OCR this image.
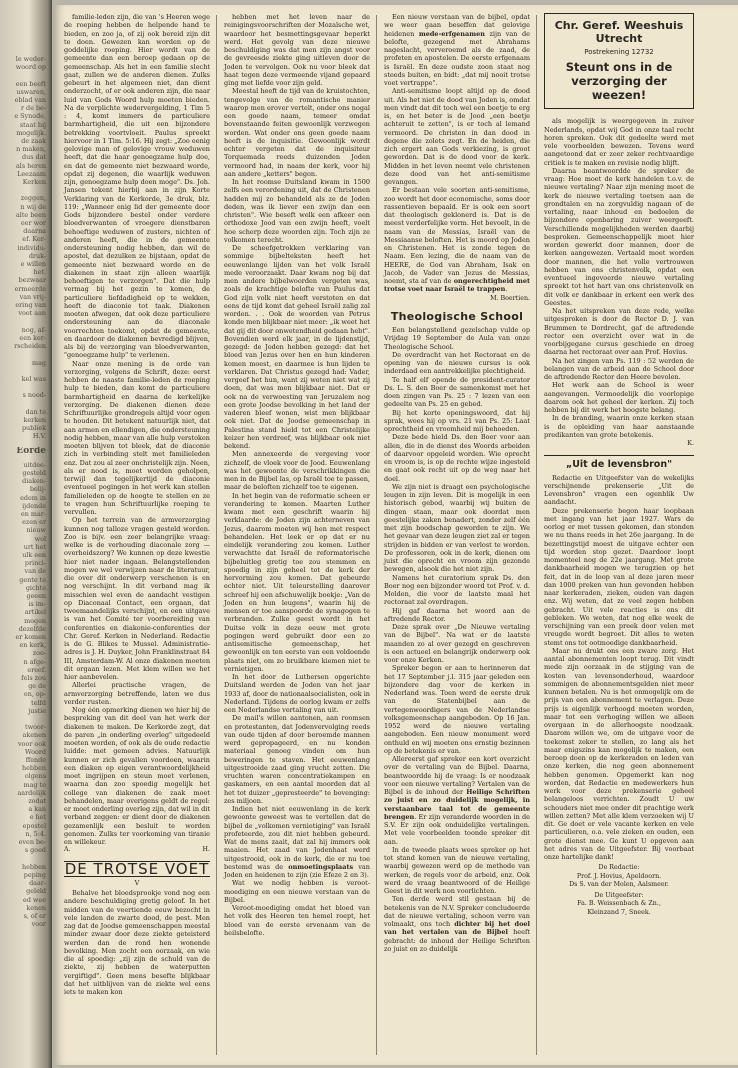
le weder-
woord op

een beeft
uswaren,
eblad van
r de be-
e Synode,
staat bij
mogelijk.
de zaak
n maken,
dus dat
als heren
Leezaam
Kerken

zeggen,
n wij de
alte been
eer wor
daarna
ef. Ker-
individu-
druk-
e willen
het.
bezwaar
ermeerde
van vrij-
ering van
voet aan

nog, af-
een ker-
rscheiden

mag

kel was

s nood-

dan te
kerken
publiek
H.V.
Eorde
uitdee-
gesteld
diaken-
belij-
edem in
ijdende
en mar-
ezen er
nieuw
wol
urt het
ulk een
princi-
van de
gente te
gichte
geeen
is im-
artikel
mogen
dezelfde
er komen
en kerk,
zoo-
n afge-
ereef.
fels zou
ge de
en, op-
telfd
justie

twoor-
akenen
voor ook
Woord
ffende
hebben
olgens
mag te
aardelijk
zodat
a kan
e het
epostel
n, 5:4.
even be-
s goed

hebben
peping
daar-
geleld
ed wee
kenen
s, of er
voor

familie-leden zijn, die van 's Heeren wege de roeping hebben de helpende hand te bieden, en zoo ja, of zij ook bereid zijn dit te doen. Gewezen kan worden op de goddelijke roeping. Hier wordt van de gemeente dan een beroep gedaan op de gemeenschap. Als het in een familie slecht gaat, zullen we de anderen dienen. Zulks gebeurt in het algemeen niet, dan dient onderzocht, of er ook anderen zijn, die naar luid van Gods Woord hulp moeten bieden. Na de verplichte wedervergelding, 1 Tim 5 : 4, komt immers de particuliere barmhartigheid, die uit een bijzondere betrekking voortvloeit. Paulus spreekt hiervoor in 1 Tim. 5:16. Hij zegt: „Zoo eenig gelovige man of gelovige vrouw weduwen heeft, dat die haar genoegzame hulp doe, en dat de gemeente niet bezwaard worde, opdat zij degenen, die waarlijk weduwen zijn, genoegzame hulp doen moge". Ds. Joh. Jansen tekent hierbij aan in zijn Korte Verklaring van de Kerkorde, 3e druk, blz. 119: „Wanneer enig lid der gemeente door Gods bijzondere bestel onder verdere bloedverwanten of vroegere dienstbaren behoeftige weduwen of zusters, nichten of anderen heeft, die in de gemeente ondersteuning nodig hebben, dan wil de apostel, dat dezulken ze bijstaan, opdat de gemeente niet bezwaard worde en de diakenen in staat zijn alleen waarlijk behoeftigen te verzorgen". Dat die hulp vermag bij het gezin te komen, de particuliere liefdadigheid op te wekken, heeft de diaconie tot taak. Diakenen moeten afwegen, dat ook deze particuliere ondersteuning aan de diaconale voorrechten toekomt, opdat de gemeente, en daardoor de diakenen bevredigd blijven, als bij de verzorging van bloedverwanten, "genoegzame hulp" te verlenen.

Naar onze mening is de orde van verzorging, volgens de Schrift, deze: eerst hebben de naaste familie-leden de roeping hulp te bieden, dan komt de particuliere barmhartigheid en daarna de kerkelijke verzorging. De diakenen dienen deze Schriftuurlijke grondregels altijd voor ogen te houden. Dit betekent natuurlijk niet, dat aan armen en ellendigen, die ondersteuning nodig hebben, maar van alle hulp verstoken moeten blijven tot bleek, dat de diaconie zich in verbinding stelt met familieleden enz. Dat zou al zeer onchristelijk zijn. Neen, als er nood is, moet worden geholpen, terwijl dan tegelijkertijd de diaconie eventueel pogingen in het werk kan stellen familieleden op de hoogte te stellen en ze te vragen hun Schriftuurlijke roeping te vervullen.

Op het terrein van de armverzorging kunnen nog talloze vragen gesteld worden. Zoo is bijv. een zeer belangrijke vraag: welke is de verhouding diaconale zorg — overheidszorg? We kunnen op deze kwestie hier niet nader ingaan. Belangstellenden mogen we wel verwijzen naar de literatuur, die over dit onderwerp verschenen is en nog verschijnt. In dit verband mag ik misschien wel even de aandacht vestigen op Diaconaal Contact, een orgaan, dat tweemaandelijks verschijnt, en een uitgave is van het Comité ter voorbereiding van conferenties en diakonie-conferenties der Chr. Geref. Kerken in Nederland. Redactie is de G. Blikes te Mussel. Administratie-adres is J. H. Duyker, John Franklinstraat 84 III, Amsterdam-W. Al onze diakenen moeten dit orgaan lezen. Met klem willen we het hier aanbevelen.

Allerlei practische vragen, de armverzorging betreffende, laten we dus verder rusten.

Nog één opmerking dienen we hier bij de bespreking van dit deel van het werk der diakenen te maken. De Kerkorde zegt, dat de paren „in onderling overleg" uitgedeeld moeten worden, of ook als de oude redactie luidde: met gemeen advies. Natuurlijk kunnen er zich gevallen voordoen, waarin een diaken op eigen verantwoordelijkheid moet ingrijpen en steun moet verlenen, waarna dan zoo spoedig mogelijk het college van diakenen de zaak moet behandelen, maar overigens geldt de regel: er moet onderling overleg zijn, dat wil in dit verband zeggen: er dient door de diakenen gezamenlijk een besluit te worden genomen. Zulks ter voorkoming van tiranie en willekeur.

A.	H.
DE TROTSE VOET
V

Behalve het bloedsprookje vond nog een andere beschuldiging gretig geloof. In het midden van de veertiende eeuw bezocht in vele landen de zwarte dood, de pest. Men zag dat de Joodse gemeenschappen meestal minder zwaar door deze ziekte geteisterd werden dan de rond hen wonende bevolking. Men zocht een oorzaak, en wie die al spoedig: „zij zijn de schuld van de ziekte, zij hebben de waterputten vergiftigd". Geen mens besefte blijkbaar dat het uitblijven van de ziekte wel eens iets te maken kon

hebben met het leven naar de reinigingsvoorschriften der Mozaïsche wet, waardoor het besmettingsgevaar beperkt werd. Het gevolg van deze nieuwe beschuldiging was dat men zijn angst voor de gevreesde ziekte ging uitleven door de Joden te vervolgen. Ook nu voor bleek dat haat tegen deze vermeende vijand gepaard ging met liefde voor zijn geld.

Meestal heeft de tijd van de kruistochten, tengevolge van de romantische manier waarop men erover vertelt, onder ons nogal een goede naam, temeer omdat bovenstaande feiten gewoonlijk verzwegen worden. Wat onder ons geen goede naam heeft is de inquisitie. Gewoonlijk wordt echter vergeten dat de inquisiteur Torquemada reeds duizenden Joden vermoord had, in naam der kerk, voor hij aan andere „ketters" begon.

In het roomse Duitsland kwam in 1500 zelfs een verordening uit, dat de Christenen hadden mij zo behandeld als ze de Joden deden, was ik liever een zwijn dan een christen". Wie beseft welk een afkeer een orthodoxe Jood van een zwijn heeft, voelt hoe scherp deze woorden zijn. Toch zijn ze volkomen terecht.

De scheefgetrokken verklaring van sommige bijbelteksten heeft het eeuwenlange lijden van het volk Israël mede veroorzaakt. Daar kwam nog bij dat men andere bijbelwoorden vergeten was, zoals de krachtige belofte van Paulus dat God zijn volk niet heeft verstoten en dat eens de tijd komt dat geheel Israël zalig zal worden. . . Ook de woorden van Petrus konde men blijkbaar niet meer: „ik weet het dat gij dit door onwetendheid gedaan hebt". Bovendien werd elk jaar, in de lijdenstijd, gezegd: de Joden hebben gezegd: dat het bloed van Jezus over hen en hun kinderen komen moest, en daarmee is hun lijden te verklaren. Dat Christus gezegd had: Vader, vergeef het hun, want zij weten niet wat zij doen, dat was men blijkbaar niet. Dat er ook na de verwoesting van Jeruzalem nog een grote Joodse bevolking in het land der vaderen bleef wonen, wist men blijkbaar ook niet. Dat de Joodse gemeenschap in Palestina stand hield tot een Christelijke keizer hen verdreef, was blijkbaar ook niet bekend.

Men annexeerde de vergeving voor zichzelf, de vloek voor de Jood. Eeuwenlang was het gewoonte de verschrikkingen die men in de Bijbel las, op Israël toe te passen, maar de beloften zichzelf toe te eigenen.

In het begin van de reformatie scheen er verandering te komen. Maarten Luther kwam met een geschrift waarin hij verklaarde: de Joden zijn achterneven van Jezus, daarom moeten wij hen met respect behandelen. Het leek er op dat er nu eindelijk verandering zou komen. Luther verwachtte dat Israël de reformatorische bijbeluitleg gretig toe zou stemmen en spoedig in zijn geheel tot de kerk der hervorming zou komen. Dat gebeurde echter niet. Uit teleurstelling daarover schreef hij een afschuwelijk boekje: „Van de Joden en hun leugens", waarin hij de mensen er toe aanspoorde de synagogen te verbranden. Zulke geest wordt in het Duitse volk in deze eeuw met grote pogingen werd gebruikt door een zo antisemitische gemeenschap, het gewoonlijk en ten eerste van een voldoende plaats niet, om zo bruikbare kiemen niet te vernietigen.

In het door de Luthersen opgerichte Duitsland werden de Joden van het jaar 1933 af, door de nationaalsocialisten, ook in Nederland. Tijdens de oorlog kwam er zelfs een Nederlandse vertaling van uit.

De mail's willen aantonen, aan roomsen en protestanten, dat Jodenvervolging reeds van oude tijden af door beroemde mannen werd gepropageerd, en nu konden materiaal genoeg vinden om hun beweringen te staven. Het eeuwenlang uitgestrooide zaad ging vrucht zetten. Die vruchten waren concentratiekampen en gaskamers, en een aantal moorden dat al het tot duizer „gepresteerde" te bovenging: zes miljoen.

Indien het niet eeuwenlang in de kerk gewoonte geweest was te vertellen dat de bijbel de „volkomen vernietiging" van Israël profeteerde, zou dit niet hebben gebeurd. Wat de mens zaait, dat zal hij immers ook maaien. Het zaad van Jodenhaat werd uitgestrooid, ook in de kerk, die er nu toe bestemd was de onmoetingsplaats van Joden en heidenen te zijn (zie Efeze 2 en 3).

Wat we nodig hebben is veroot-moediging en een nieuwe verstaan van de Bijbel.

Veroot-moediging omdat het bloed van het volk des Heeren ten hemel roept, het bloed van de eerste ervenaam van de heilsbelofte.

Een nieuw verstaan van de bijbel, opdat we weer gaan beseffen dat gelovige heidenen mede-erfgenamen zijn van de belofte, gezegend met Abrahams nageslacht, ververoemd als de zaad, de profeten en apostelen. De eerste erfgenaam is Israël. En deze oudste zoon staat nog steeds buiten, en bidt: „dat mij nooit trotse voet vertrappe".

Anti-semitisme loopt altijd op de dood uit. Als het niet de dood van Joden is, omdat men vindt dat dit toch wel een beetje te erg is, en het beter is de Jood „een beetje achteruit te zetten", is er toch al lemand vermoord. De christen in dan dood in degene die zolets zegt. En de heiden, die zich ergert aan Gods verkiezing, is groot geworden. Dat is de dood voor de kerk. Midden in het leven neemt vele christenen deze dood van het anti-semitisme gevangen.

Er bestaan vele soorten anti-semitisme, zoo wordt het door economische, soms door rassentieven bepaald. Er is ook een soort dat theologisch geklonerd is. Dat is de meest verderfelijke vorm. Het bevoelt, in de naam van de Messias, Israël van de Messiaanse beloften. Het is moord op Joden en Christenen. Het is zonde tegen de Naam. Een lezing, die de naam van de HEERE, de God van Abraham, Isak en Jacob, de Vader van Jezus de Messias, noemt, sta af van de ongerechtigheid met trotse voet naar Israël te trappen.

M. Boertien.
Theologische School

Een belangstellend gezelschap vulde op Vrijdag 19 September de Aula van onze Theologische School.

De overdracht van het Rectoraat en de opening van de nieuwe cursus is ook inderdaad een aantrekkelijke plechtigheid.

Te half elf opende de president-curator Ds. L. S. den Boer de samenkomst met het doen zingen van Ps. 25 : 7 lezen van een gedeelte van Ps. 25 en gebed.

Bij het korte openingswoord, dat hij sprak, wees hij op vrs. 21 van Ps. 25: Laat oprechtheid en vroomheid mij behoeden.

Deze bede hield Ds. den Boer voor aan allen, die in de dienst des Woords arbeiden of daarvoor opgeleid worden. Wie oprecht en vroom is, is op de rechte wijze ingesteld en gaat ook recht uit op de weg naar het doel.

We zijn niet is draagt een psychologische leugen in zijn leven. Dit is mogelijk in een historisch gebod, waarbij wij buiten de dingen staan, maar ook doordat men geestelijke zaken benadert, zonder zelf één met zijn boodschap geworden te zijn. We het gevaar van deze leugen ziet zal er tegen strijden in bidden er van verlost te worden. De professoren, ook in de kerk, dienen om juist die oprecht en vroom zijn gezonde bewegen, alsook die het niet zijn.

Namens het curatorium sprak Ds. den Boer nog een bijzonder woord tot Prof. v. d. Molden, die voor de laatste maal het rectoraat zal overdragen.

Hij gaf daarna het woord aan de aftredende Rector.

Deze sprak over „De Nieuwe vertaling van de Bijbel". Na wat er de laatste maanden zo al over gezegd en geschreven is een actueel en belangrijk onderwerp ook voor onze Kerken.

Spreker begon er aan te herinneren dat het 17 September j.l. 315 jaar geleden een bijzondere dag voor de kerken in Nederland was. Toen werd de eerste druk van de Statenbijbel aan de vertegenwoordigers van de Nederlandse volksgemeenschap aangeboden. Op 16 Jan. 1952 werd de nieuwe vertaling aangeboden. Een nieuw monument werd onthuld en wij moeten ons ernstig bezinnen op de betekenis er van.

Allereerst gaf spreker een kort overzicht over de vertaling van de Bijbel. Daarna, beantwoordde hij de vraag: Is er noodzaak voor een nieuwe vertaling? Vertalen van de Bijbel is de inhoud der Heilige Schriften zo juist en zo duidelijk mogelijk, in verstaanbare taal tot de gemeente brengen. Er zijn veranderde woorden in de S.V. Er zijn ook onduidelijke vertalingen. Met vele voorbeelden toonde spreker dit aan.

In de tweede plaats wees spreker op het tot stand komen van de nieuwe vertaling, waarbij gewezen werd op de methode van werken, de regels voor de arbeid, enz. Ook werd de vraag beantwoord of de Heilige Geest in dit werk non voorlichten.

Ten derde werd stil gestaan bij de betekenis van de N.V. Spreker concludeerde dat de nieuwe vertaling, schoon verre van volmaakt, ons toch dichter bij het doel van het vertalen van de Bijbel heeft gebracht: de inhoud der Heilige Schriften zo juist en zo duidelijk

Chr. Geref. Weeshuis Utrecht
Postrekening 12732
Steunt ons in de verzorging der weezen!

als mogelijk is weergegeven in zuiver Nederlands, opdat wij God in onze taal recht horen spreken. Ook dit gedeelte werd met vele voorbeelden bewezen. Tevens werd aangetoond dat er zeer zeker rechtvaardige critiek is te maken en revisie nodig blijft.

Daarna beantwoordde de spreker de vraag: Hoe moet de kerk handelen t.o.v. de nieuwe vertaling? Naar zijn mening moet de kerk de nieuwe vertaling toetsen aan de grondtalen en na zorgvuldig nagaan of de vertaling, naar inhoud en bedoelen de bijzondere openbaring zuiver weergeeft. Verschillende mogelijkheden werden daarbij besproken. Gemeenschappelijk moet hier worden gewerkt door mannen, door de kerken aangewezen. Vertaald moet worden door mannen, die het volle vertrouwen hebben van ons christenvolk, opdat een eventueel ingevoerde nieuwe vertaling spreekt tot het hart van ons christenvolk en dit volk er dankbaar in erkent een werk des Geestes.

Na het uitspreken van deze rede, welke uitgesproken is door de Rector D. J. van Brummen te Dordrecht, gaf de aftredende rector een overzicht over wat in de voorbijgegane cursus geschiede en droeg daarna het rectoraat over aan Prof. Hovius.

Na het zingen van Ps. 119 : 52 werden de belangen van de arbeid aan de School door de aftredende Rector den Heere bevolen.

Het werk aan de School is weer aangevangen. Vermoedelijk die voorlopige daarom ook het geheel der kerken. Zij toch hebben bij dit werk het hoogste belang.

In de branding, waarin onze kerken staan is de opleiding van haar aanstaande predikanten van grote betekenis.

K.
„Uit de levensbron"

Redactie en Uitgeefster van de wekelijks verschijnende prekenserie „Uit de Levensbron" vragen een ogenblik Uw aandacht.

Deze prekenserie begon haar loopbaan met ingang van het jaar 1927. Wars de oorlog er met tussen gekomen, dan stonden we nu thans reeds in het 26e jaargang. In de bezettingstijd moest de uitgave echter een tijd worden stop gezet. Daardoor loopt momenteel nog de 22e jaargang. Met grote dankbaarheid mogen we terugzien op het feit, dat in de loop van al deze jaren meer dan 1000 preken van hun gevonden hebben naar kerkeraden, zieken, ouden van dagen enz. Wij weten, dat ze veel zegen hebben gebracht. Uit vele reacties is ons dit gebleken. We weten, dat nog elke week de verschijning van een preek door velen met vreugde wordt begroet. Dit alles te weten stemt ons tot ootmoedige dankbaarheid.

Maar nu drukt ons een zware zorg. Het aantal abonnementen loopt terug. Dit vindt mede zijn oorzaak in de stijging van de kosten van levensonderhoud, waardoor sommigen de abonnementsgelden niet meer kunnen betalen. Nu is het onmogelijk om de prijs van een abonnement te verlagen. Deze prijs is eigenlijk verhoogd moeten worden, maar tot een verhoging willen we alleen overgaan in de allerhoogste noodzaak. Daarom willen we, om de uitgave voor de toekomst zeker te stellen, zo lang als het maar enigszins kan mogelijk te maken, een beroep doen op de kerkeraden en leden van onze kerken, die nog geen abonnement hebben genomen. Opgemerkt kan nog worden, dat Redactie en medewerkers hun werk voor deze prekenserie geheel belangeloos verrichten. Zoudt U uw schouders niet mee onder dit prachtige werk willen zetten? Met alle klem verzoeken wij U dit. Ge doet er vele vacante kerken en vele particulieren, o.a. vele zieken en ouden, een grote dienst mee. Ge kunt U opgeven aan het adres van de Uitgeefster. Bij voorbaat onze hartelijke dank!

De Redactie:

Prof. J. Hovius, Apeldoorn.

Ds S. van der Molen, Aalsmeer.

De Uitgeefster:

Fa. B. Weissenbach & Zn.,

Kleinzand 7, Sneek.
